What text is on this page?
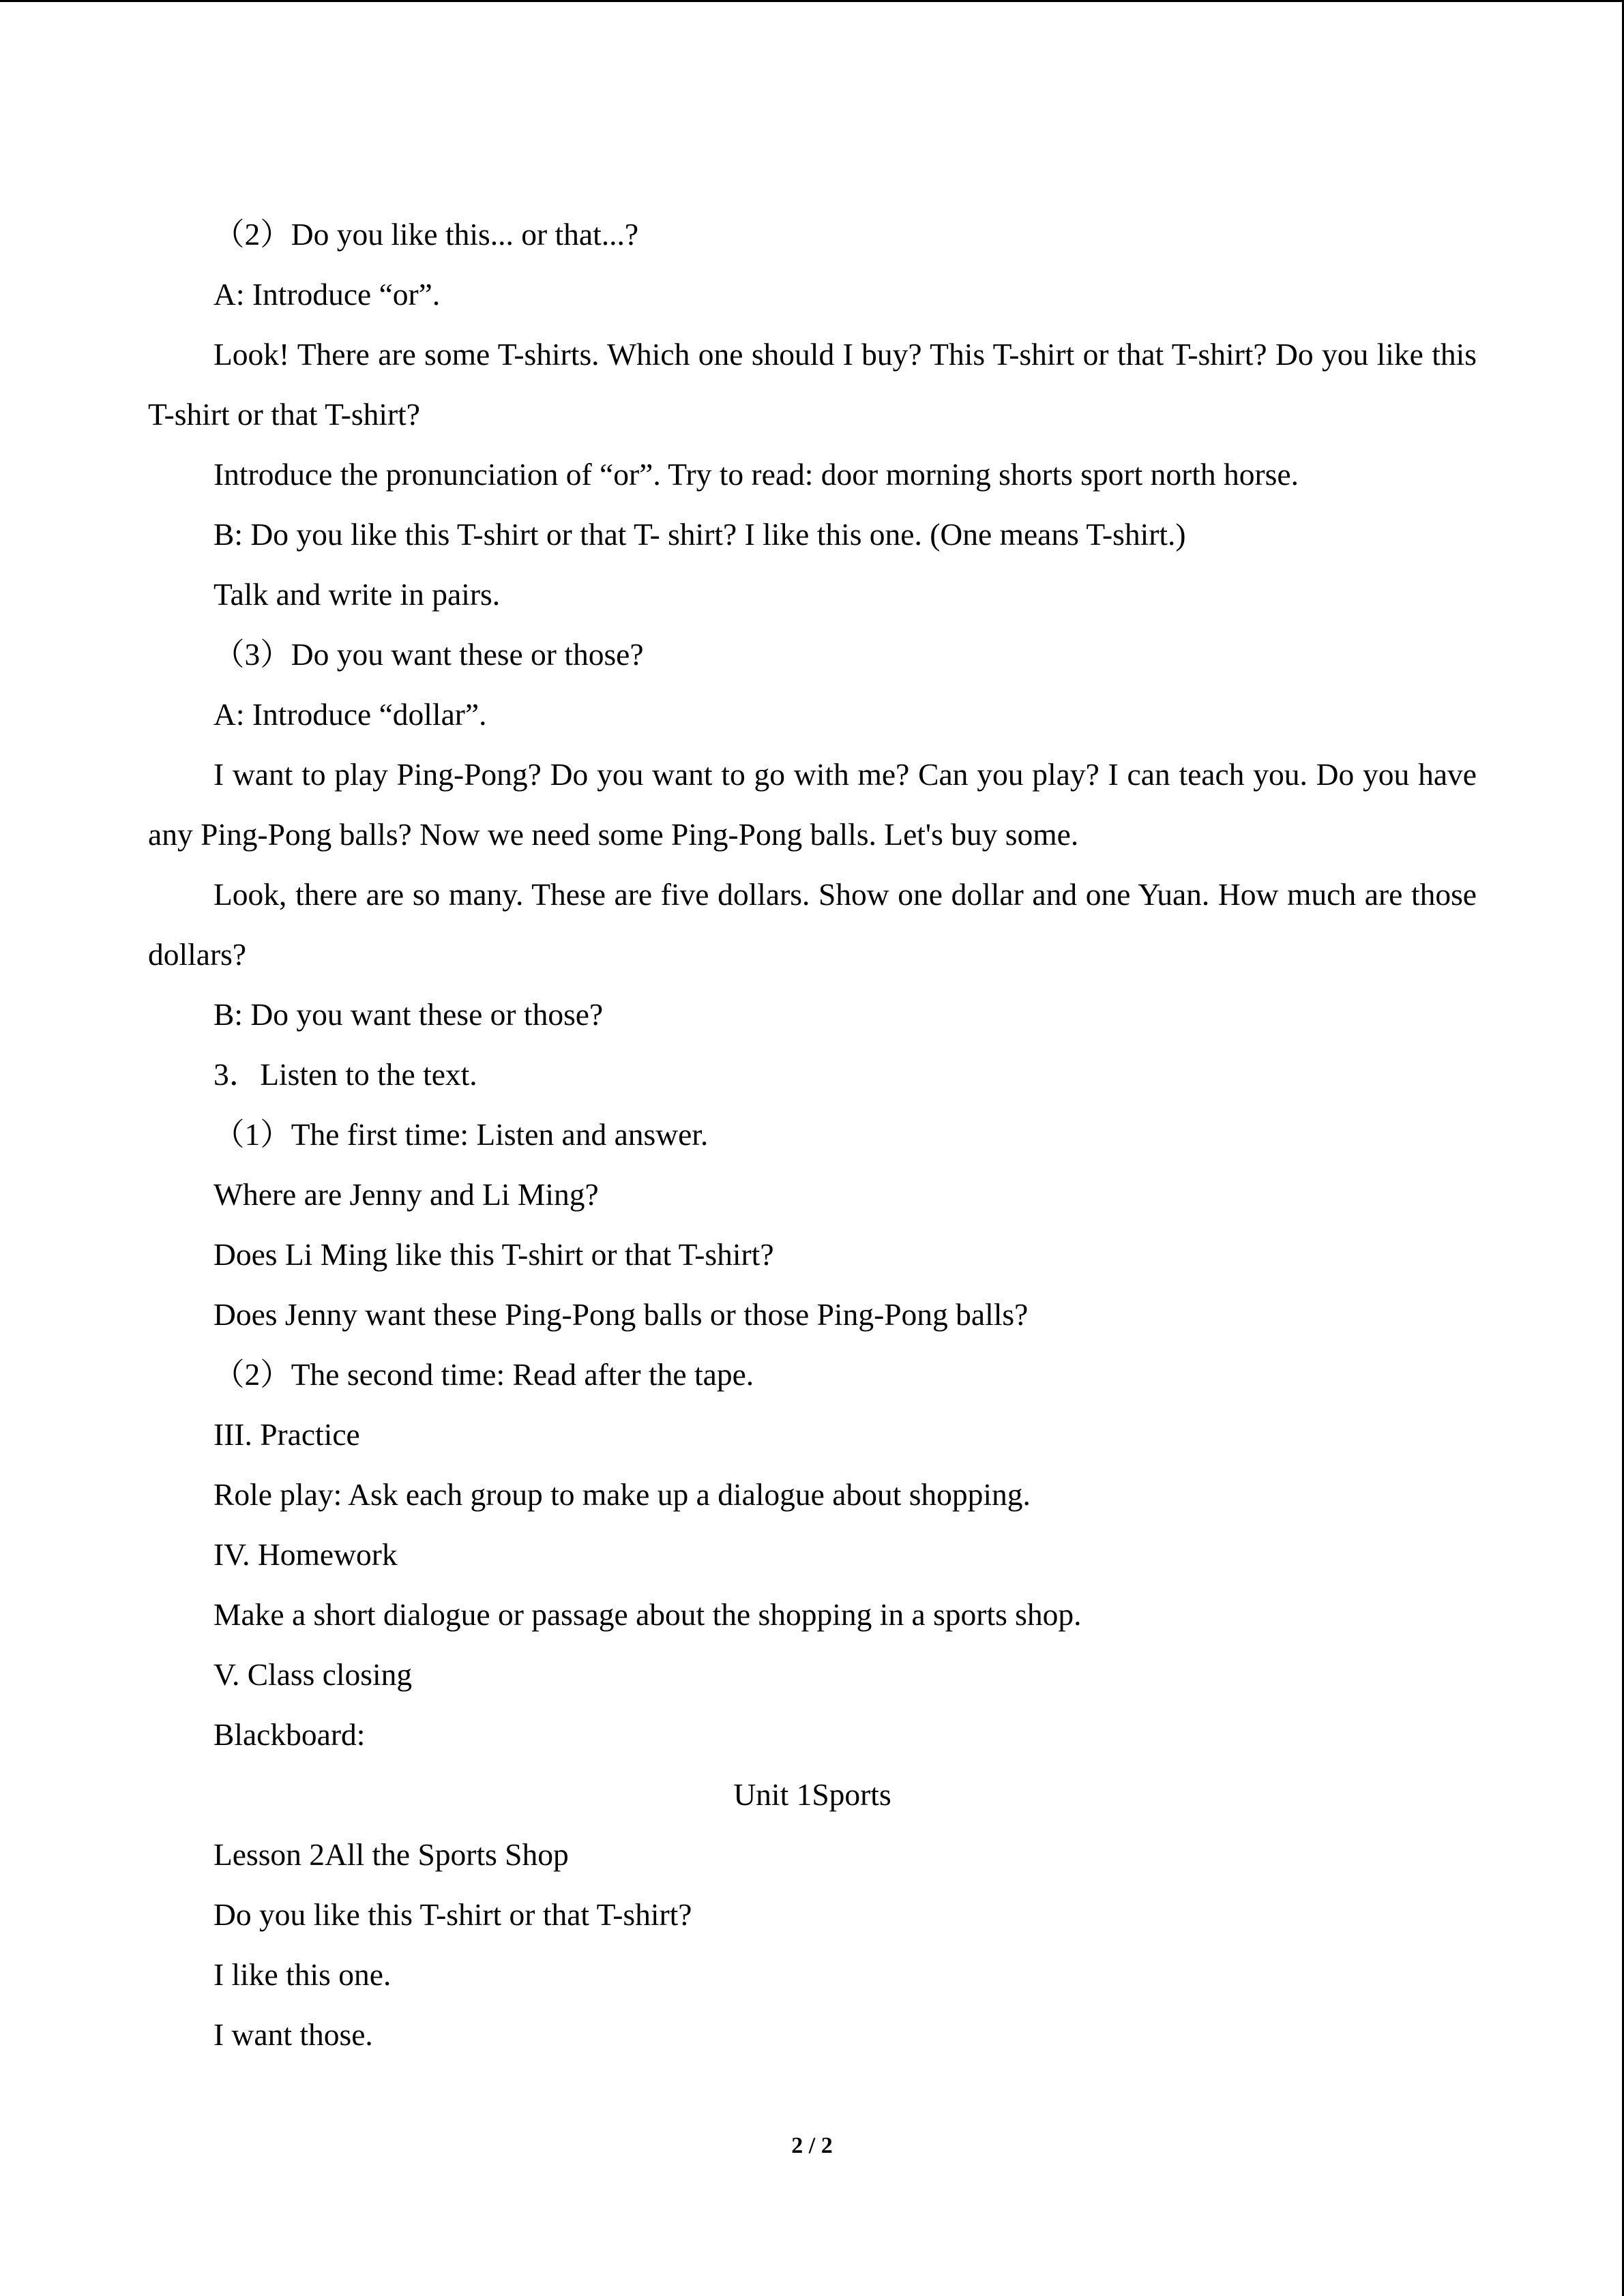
（2）Do you like this... or that...?

A: Introduce “or”.

Look! There are some T-shirts. Which one should I buy? This T-shirt or that T-shirt? Do you like this T-shirt or that T-shirt?

Introduce the pronunciation of “or”. Try to read: door morning shorts sport north horse.

B: Do you like this T-shirt or that T- shirt? I like this one. (One means T-shirt.)

Talk and write in pairs.

（3）Do you want these or those?

A: Introduce “dollar”.

I want to play Ping-Pong? Do you want to go with me? Can you play? I can teach you. Do you have any Ping-Pong balls? Now we need some Ping-Pong balls. Let's buy some.

Look, there are so many. These are five dollars. Show one dollar and one Yuan. How much are those dollars?

B: Do you want these or those?

3．Listen to the text.

（1）The first time: Listen and answer.

Where are Jenny and Li Ming?

Does Li Ming like this T-shirt or that T-shirt?

Does Jenny want these Ping-Pong balls or those Ping-Pong balls?

（2）The second time: Read after the tape.

III. Practice

Role play: Ask each group to make up a dialogue about shopping.

IV. Homework

Make a short dialogue or passage about the shopping in a sports shop.

V. Class closing

Blackboard:

Unit 1Sports

Lesson 2All the Sports Shop

Do you like this T-shirt or that T-shirt?

I like this one.

I want those.

2 / 2
